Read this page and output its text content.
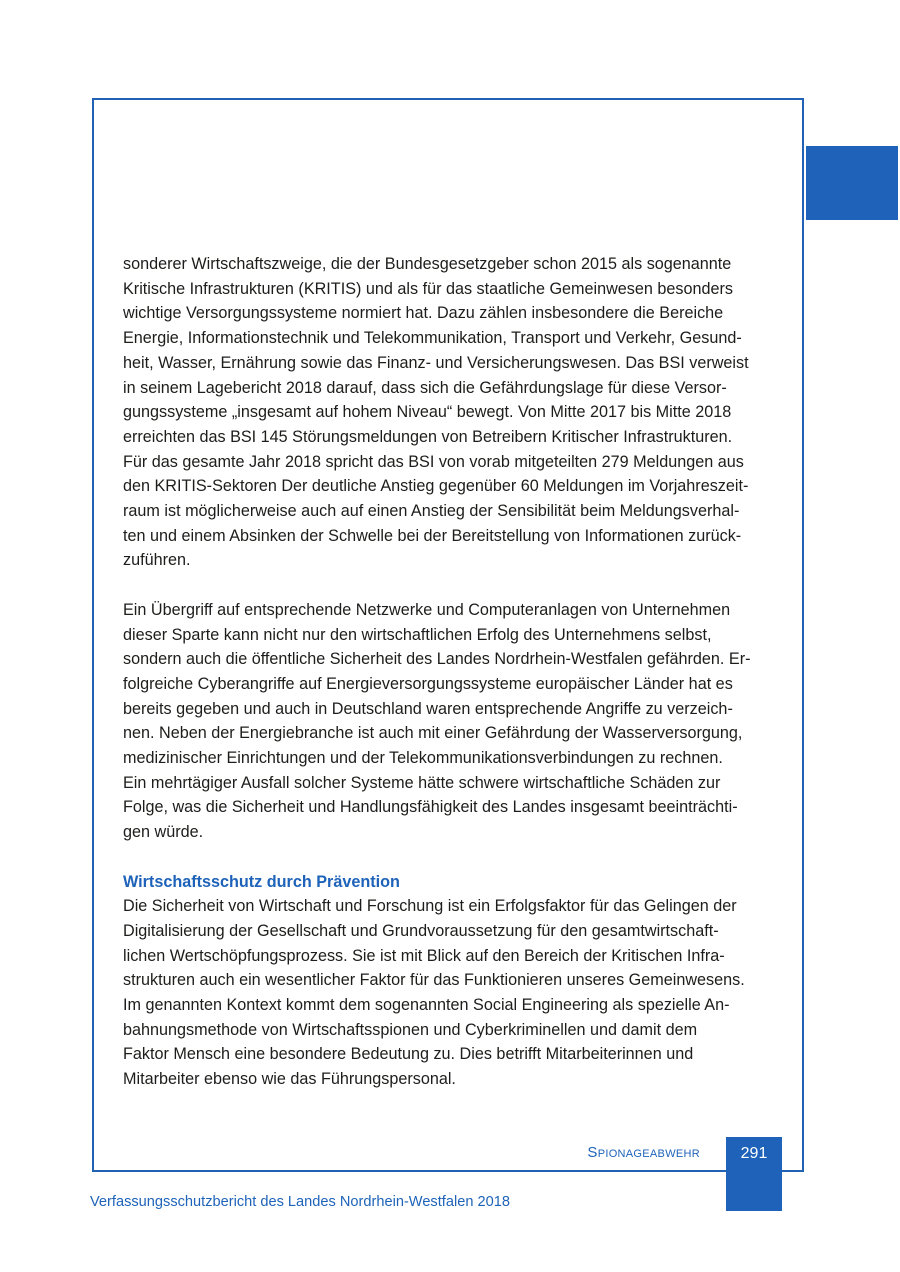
sonderer Wirtschaftszweige, die der Bundesgesetzgeber schon 2015 als sogenannte

Kritische Infrastrukturen (KRITIS) und als für das staatliche Gemeinwesen besonders

wichtige Versorgungssysteme normiert hat. Dazu zählen insbesondere die Bereiche

Energie, Informationstechnik und Telekommunikation, Transport und Verkehr, Gesund-

heit, Wasser, Ernährung sowie das Finanz- und Versicherungswesen. Das BSI verweist

in seinem Lagebericht 2018 darauf, dass sich die Gefährdungslage für diese Versor-

gungssysteme „insgesamt auf hohem Niveau“ bewegt. Von Mitte 2017 bis Mitte 2018

erreichten das BSI 145 Störungsmeldungen von Betreibern Kritischer Infrastrukturen.

Für das gesamte Jahr 2018 spricht das BSI von vorab mitgeteilten 279 Meldungen aus

den KRITIS-Sektoren Der deutliche Anstieg gegenüber 60 Meldungen im Vorjahreszeit-

raum ist möglicherweise auch auf einen Anstieg der Sensibilität beim Meldungsverhal-

ten und einem Absinken der Schwelle bei der Bereitstellung von Informationen zurück-

zuführen.

Ein Übergriff auf entsprechende Netzwerke und Computeranlagen von Unternehmen

dieser Sparte kann nicht nur den wirtschaftlichen Erfolg des Unternehmens selbst,

sondern auch die öffentliche Sicherheit des Landes Nordrhein-Westfalen gefährden. Er-

folgreiche Cyberangriffe auf Energieversorgungssysteme europäischer Länder hat es

bereits gegeben und auch in Deutschland waren entsprechende Angriffe zu verzeich-

nen. Neben der Energiebranche ist auch mit einer Gefährdung der Wasserversorgung,

medizinischer Einrichtungen und der Telekommunikationsverbindungen zu rechnen.

Ein mehrtägiger Ausfall solcher Systeme hätte schwere wirtschaftliche Schäden zur

Folge, was die Sicherheit und Handlungsfähigkeit des Landes insgesamt beeinträchti-

gen würde.

Wirtschaftsschutz durch Prävention

Die Sicherheit von Wirtschaft und Forschung ist ein Erfolgsfaktor für das Gelingen der

Digitalisierung der Gesellschaft und Grundvoraussetzung für den gesamtwirtschaft-

lichen Wertschöpfungsprozess. Sie ist mit Blick auf den Bereich der Kritischen Infra-

strukturen auch ein wesentlicher Faktor für das Funktionieren unseres Gemeinwesens.

Im genannten Kontext kommt dem sogenannten Social Engineering als spezielle An-

bahnungsmethode von Wirtschaftsspionen und Cyberkriminellen und damit dem

Faktor Mensch eine besondere Bedeutung zu. Dies betrifft Mitarbeiterinnen und

Mitarbeiter ebenso wie das Führungspersonal.

Spionageabwehr	291
Verfassungsschutzbericht des Landes Nordrhein-Westfalen 2018
